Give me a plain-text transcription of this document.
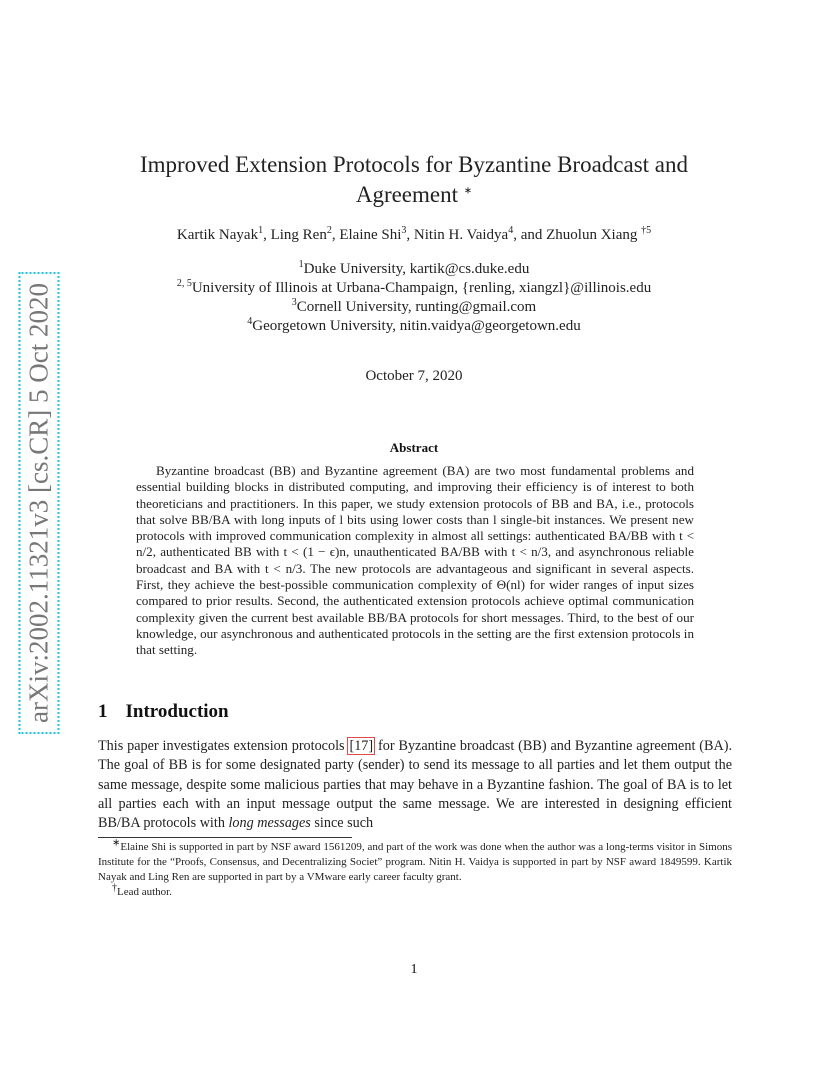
arXiv:2002.11321v3 [cs.CR] 5 Oct 2020
Improved Extension Protocols for Byzantine Broadcast and Agreement ∗
Kartik Nayak$^1$, Ling Ren$^2$, Elaine Shi$^3$, Nitin H. Vaidya$^4$, and Zhuolun Xiang $^{\dagger 5}$
$^1$Duke University, kartik@cs.duke.edu
$^{2, 5}$University of Illinois at Urbana-Champaign, {renling, xiangzl}@illinois.edu
$^3$Cornell University, runting@gmail.com
$^4$Georgetown University, nitin.vaidya@georgetown.edu
October 7, 2020
Abstract
Byzantine broadcast (BB) and Byzantine agreement (BA) are two most fundamental problems and essential building blocks in distributed computing, and improving their efficiency is of interest to both theoreticians and practitioners. In this paper, we study extension protocols of BB and BA, i.e., protocols that solve BB/BA with long inputs of l bits using lower costs than l single-bit instances. We present new protocols with improved communication complexity in almost all settings: authenticated BA/BB with t < n/2, authenticated BB with t < (1 − ϵ)n, unauthenticated BA/BB with t < n/3, and asynchronous reliable broadcast and BA with t < n/3. The new protocols are advantageous and significant in several aspects. First, they achieve the best-possible communication complexity of Θ(nl) for wider ranges of input sizes compared to prior results. Second, the authenticated extension protocols achieve optimal communication complexity given the current best available BB/BA protocols for short messages. Third, to the best of our knowledge, our asynchronous and authenticated protocols in the setting are the first extension protocols in that setting.
1 Introduction
This paper investigates extension protocols [17] for Byzantine broadcast (BB) and Byzantine agreement (BA). The goal of BB is for some designated party (sender) to send its message to all parties and let them output the same message, despite some malicious parties that may behave in a Byzantine fashion. The goal of BA is to let all parties each with an input message output the same message. We are interested in designing efficient BB/BA protocols with long messages since such

∗Elaine Shi is supported in part by NSF award 1561209, and part of the work was done when the author was a long-terms visitor in Simons Institute for the “Proofs, Consensus, and Decentralizing Societ” program. Nitin H. Vaidya is supported in part by NSF award 1849599. Kartik Nayak and Ling Ren are supported in part by a VMware early career faculty grant.

†Lead author.

1
